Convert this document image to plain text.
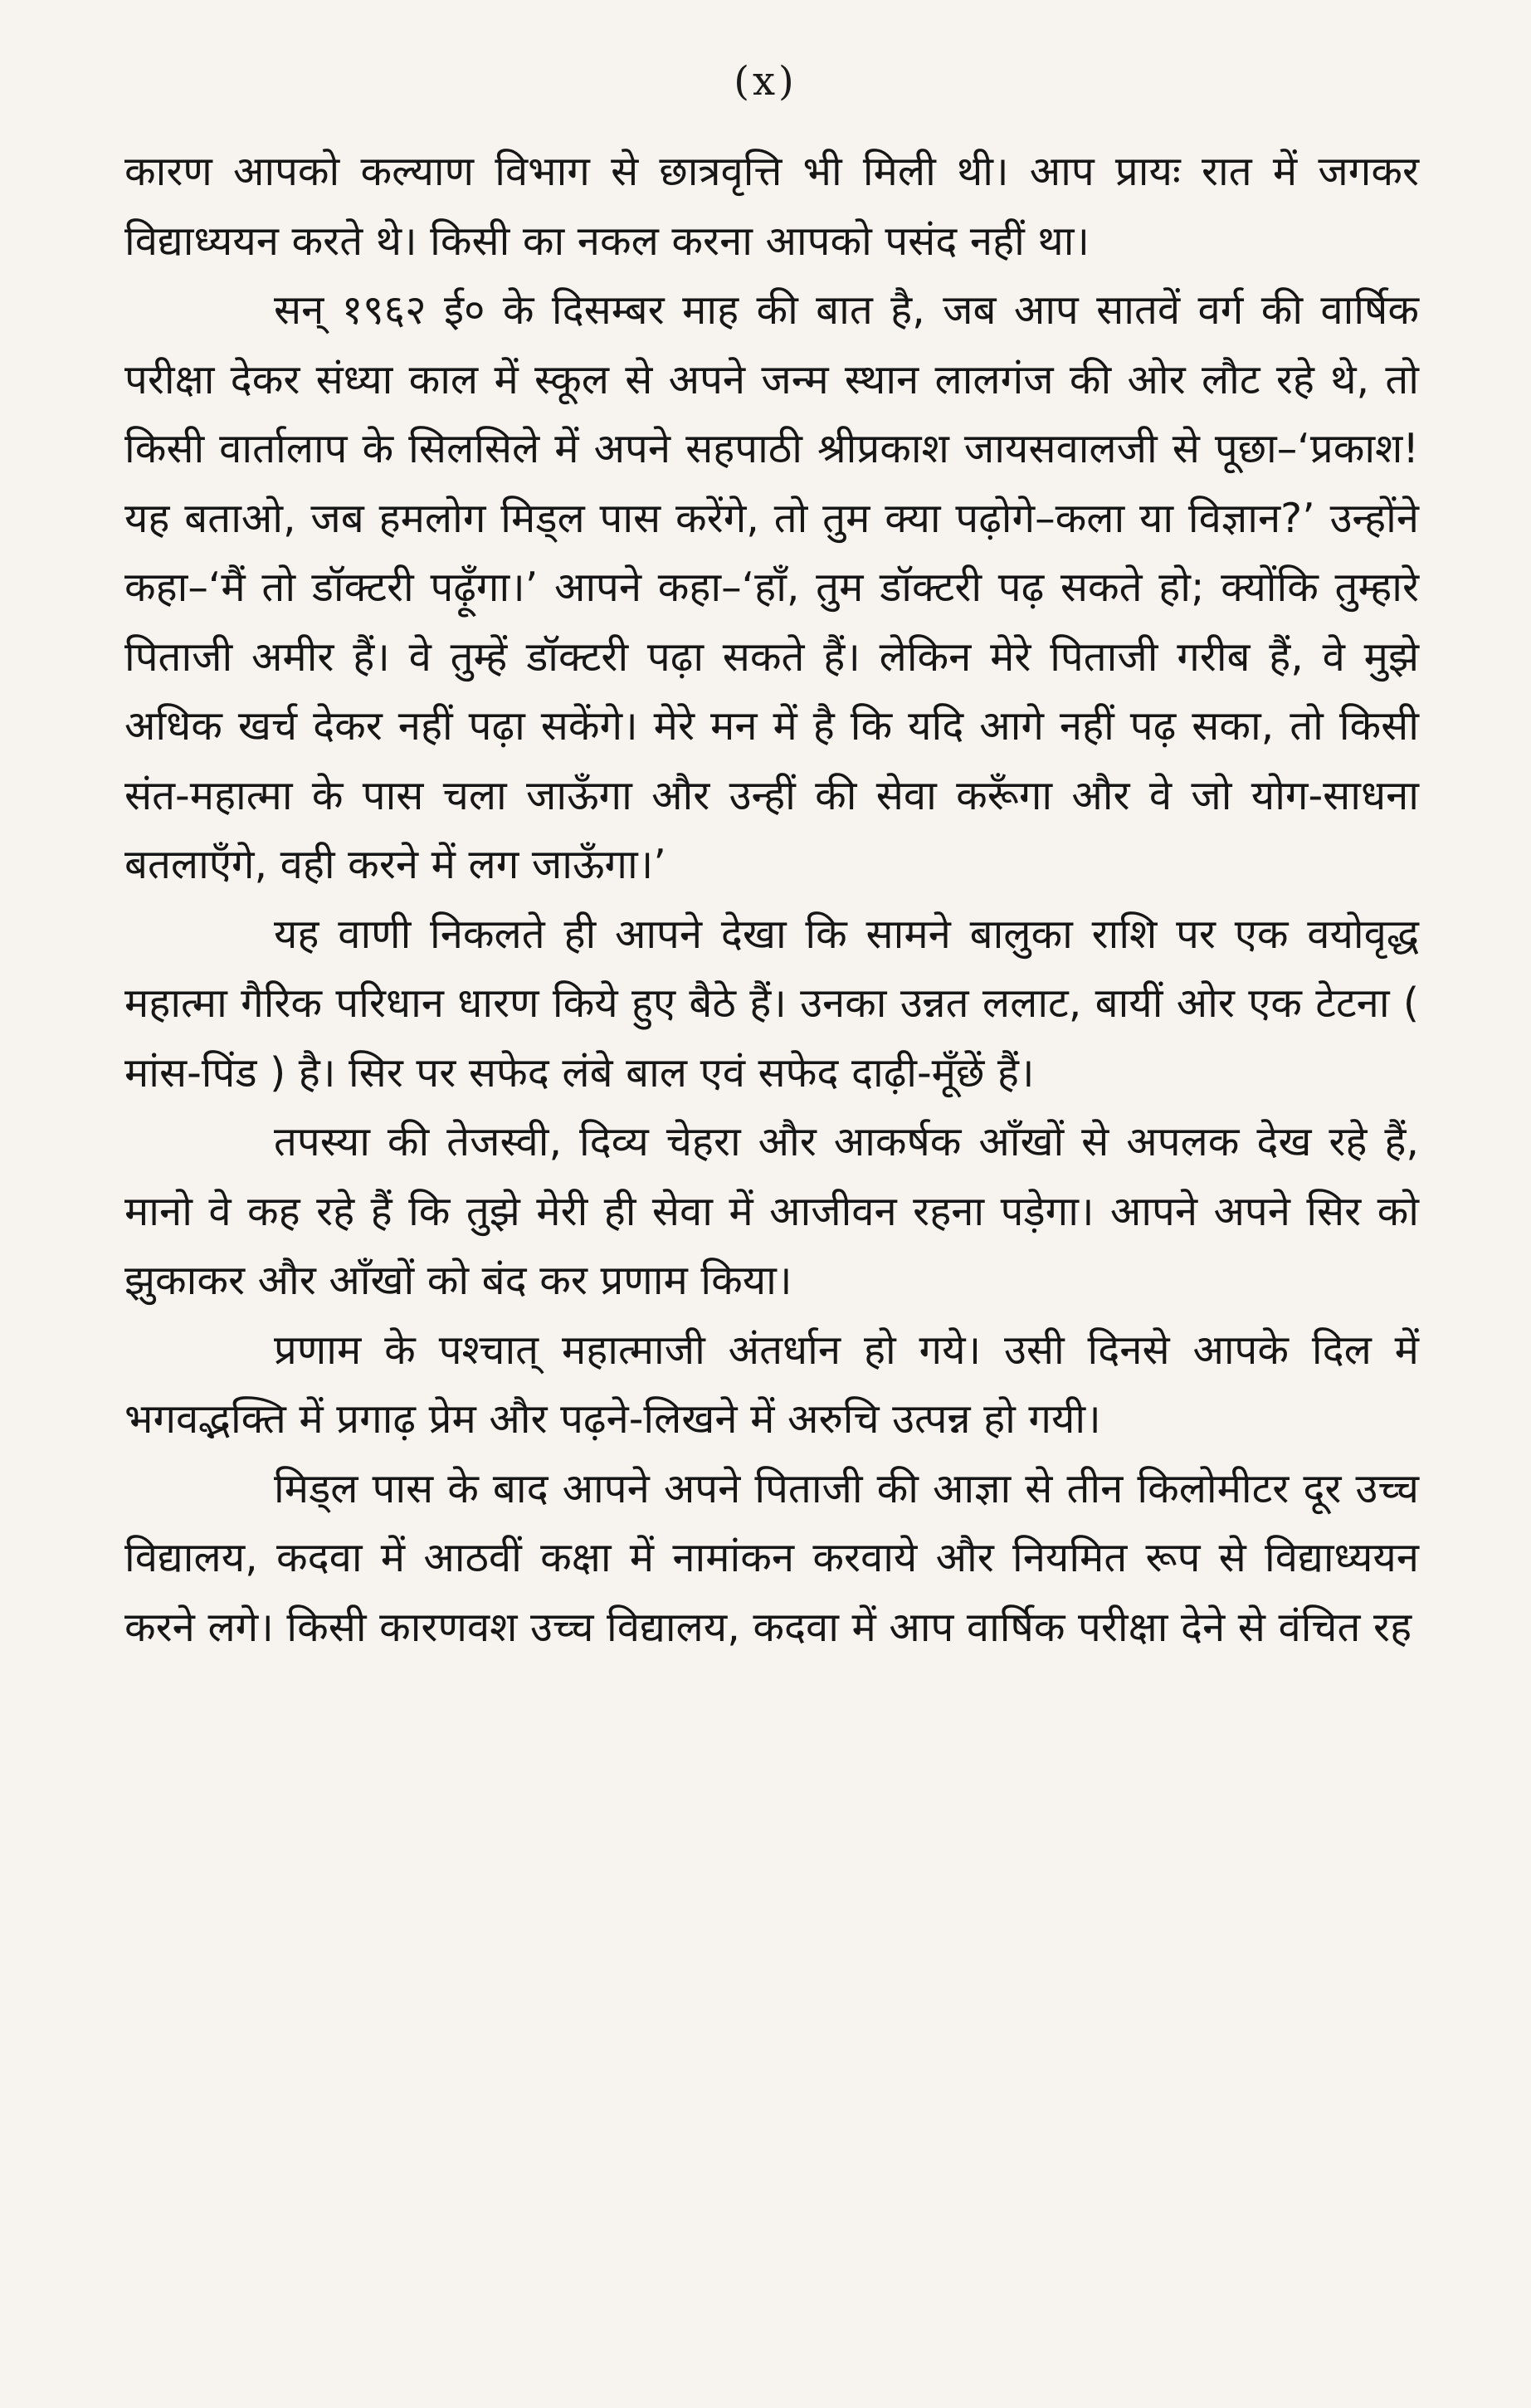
(x)

कारण आपको कल्याण विभाग से छात्रवृत्ति भी मिली थी। आप प्रायः रात में जगकर विद्याध्ययन करते थे। किसी का नकल करना आपको पसंद नहीं था।

सन् १९६२ ई० के दिसम्बर माह की बात है, जब आप सातवें वर्ग की वार्षिक परीक्षा देकर संध्या काल में स्कूल से अपने जन्म स्थान लालगंज की ओर लौट रहे थे, तो किसी वार्तालाप के सिलसिले में अपने सहपाठी श्रीप्रकाश जायसवालजी से पूछा–‘प्रकाश! यह बताओ, जब हमलोग मिड्ल पास करेंगे, तो तुम क्या पढ़ोगे–कला या विज्ञान?’ उन्होंने कहा–‘मैं तो डॉक्टरी पढ़ूँगा।’ आपने कहा–‘हाँ, तुम डॉक्टरी पढ़ सकते हो; क्योंकि तुम्हारे पिताजी अमीर हैं। वे तुम्हें डॉक्टरी पढ़ा सकते हैं। लेकिन मेरे पिताजी गरीब हैं, वे मुझे अधिक खर्च देकर नहीं पढ़ा सकेंगे। मेरे मन में है कि यदि आगे नहीं पढ़ सका, तो किसी संत-महात्मा के पास चला जाऊँगा और उन्हीं की सेवा करूँगा और वे जो योग-साधना बतलाएँगे, वही करने में लग जाऊँगा।’

यह वाणी निकलते ही आपने देखा कि सामने बालुका राशि पर एक वयोवृद्ध महात्मा गैरिक परिधान धारण किये हुए बैठे हैं। उनका उन्नत ललाट, बायीं ओर एक टेटना ( मांस-पिंड ) है। सिर पर सफेद लंबे बाल एवं सफेद दाढ़ी-मूँछें हैं।

तपस्या की तेजस्वी, दिव्य चेहरा और आकर्षक आँखों से अपलक देख रहे हैं, मानो वे कह रहे हैं कि तुझे मेरी ही सेवा में आजीवन रहना पड़ेगा। आपने अपने सिर को झुकाकर और आँखों को बंद कर प्रणाम किया।

प्रणाम के पश्चात् महात्माजी अंतर्धान हो गये। उसी दिनसे आपके दिल में भगवद्भक्ति में प्रगाढ़ प्रेम और पढ़ने-लिखने में अरुचि उत्पन्न हो गयी।

मिड्ल पास के बाद आपने अपने पिताजी की आज्ञा से तीन किलोमीटर दूर उच्च विद्यालय, कदवा में आठवीं कक्षा में नामांकन करवाये और नियमित रूप से विद्याध्ययन करने लगे। किसी कारणवश उच्च विद्यालय, कदवा में आप वार्षिक परीक्षा देने से वंचित रह
